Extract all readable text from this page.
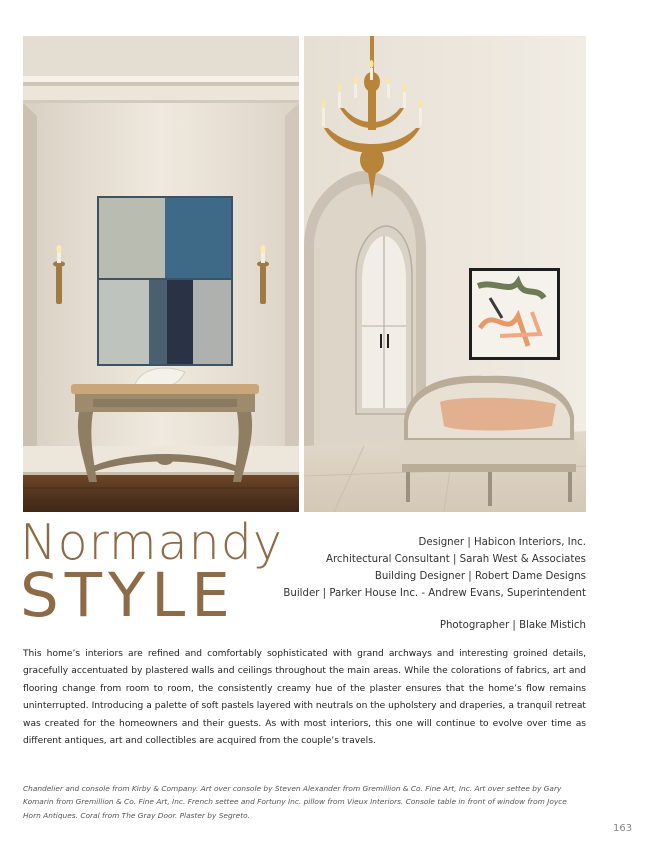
Normandy
STYLE
Designer | Habicon Interiors, Inc.
Architectural Consultant | Sarah West & Associates
Building Designer | Robert Dame Designs
Builder | Parker House Inc. - Andrew Evans, Superintendent
Photographer | Blake Mistich
This home’s interiors are refined and comfortably sophisticated with grand archways and interesting groined details, gracefully accentuated by plastered walls and ceilings throughout the main areas. While the colorations of fabrics, art and flooring change from room to room, the consistently creamy hue of the plaster ensures that the home’s flow remains uninterrupted. Introducing a palette of soft pastels layered with neutrals on the upholstery and draperies, a tranquil retreat was created for the homeowners and their guests. As with most interiors, this one will continue to evolve over time as different antiques, art and collectibles are acquired from the couple’s travels.
Chandelier and console from Kirby & Company. Art over console by Steven Alexander from Gremillion & Co. Fine Art, Inc. Art over settee by Gary Komarin from Gremillion & Co. Fine Art, Inc. French settee and Fortuny Inc. pillow from Vieux Interiors. Console table in front of window from Joyce Horn Antiques. Coral from The Gray Door. Plaster by Segreto.
163
